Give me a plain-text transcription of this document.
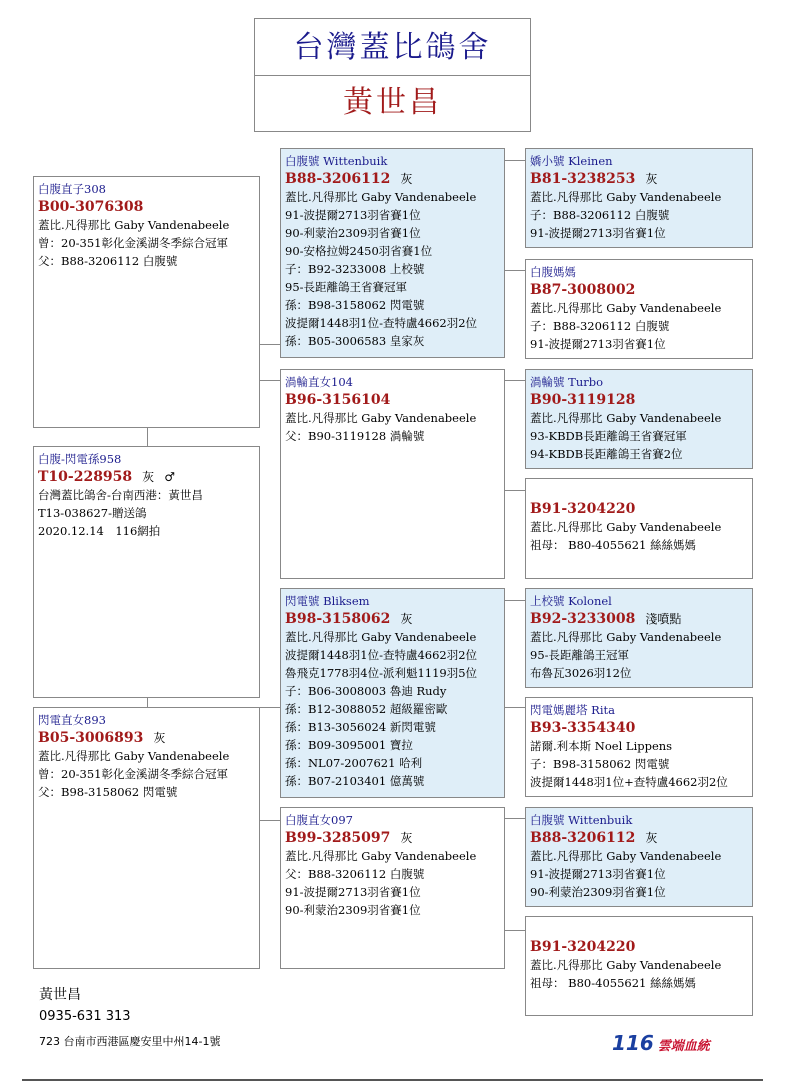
台灣蓋比鴿舍
黃世昌
白腹直子308
B00-3076308
蓋比.凡得那比 Gaby Vandenabeele
曾：20-351彰化金溪湖冬季綜合冠軍
父：B88-3206112 白腹號
白腹-閃電孫958
T10-228958 灰 ♂
台灣蓋比鴿舍-台南西港：黃世昌
T13-038627-贈送鴿
2020.12.14　116網拍
閃電直女893
B05-3006893 灰
蓋比.凡得那比 Gaby Vandenabeele
曾：20-351彰化金溪湖冬季綜合冠軍
父：B98-3158062 閃電號
白腹號 Wittenbuik
B88-3206112 灰
蓋比.凡得那比 Gaby Vandenabeele
91-波提爾2713羽省賽1位
90-利蒙治2309羽省賽1位
90-安格拉姆2450羽省賽1位
子：B92-3233008 上校號
95-長距離鴿王省賽冠軍
孫：B98-3158062 閃電號
波提爾1448羽1位-查特盧4662羽2位
孫：B05-3006583 皇家灰
渦輪直女104
B96-3156104
蓋比.凡得那比 Gaby Vandenabeele
父：B90-3119128 渦輪號
閃電號 Bliksem
B98-3158062 灰
蓋比.凡得那比 Gaby Vandenabeele
波提爾1448羽1位-查特盧4662羽2位
魯飛克1778羽4位-派利魁1119羽5位
子：B06-3008003 魯迪 Rudy
孫：B12-3088052 超級羅密歐
孫：B13-3056024 新閃電號
孫：B09-3095001 寶拉
孫：NL07-2007621 哈利
孫：B07-2103401 億萬號
白腹直女097
B99-3285097 灰
蓋比.凡得那比 Gaby Vandenabeele
父：B88-3206112 白腹號
91-波提爾2713羽省賽1位
90-利蒙治2309羽省賽1位
嬌小號 Kleinen
B81-3238253 灰
蓋比.凡得那比 Gaby Vandenabeele
子：B88-3206112 白腹號
91-波提爾2713羽省賽1位
白腹媽媽
B87-3008002
蓋比.凡得那比 Gaby Vandenabeele
子：B88-3206112 白腹號
91-波提爾2713羽省賽1位
渦輪號 Turbo
B90-3119128
蓋比.凡得那比 Gaby Vandenabeele
93-KBDB長距離鴿王省賽冠軍
94-KBDB長距離鴿王省賽2位
B91-3204220
蓋比.凡得那比 Gaby Vandenabeele
祖母： B80-4055621 絲絲媽媽
上校號 Kolonel
B92-3233008 淺噴點
蓋比.凡得那比 Gaby Vandenabeele
95-長距離鴿王冠軍
布魯瓦3026羽12位
閃電媽麗塔 Rita
B93-3354340
諾爾.利本斯 Noel Lippens
子：B98-3158062 閃電號
波提爾1448羽1位+查特盧4662羽2位
白腹號 Wittenbuik
B88-3206112 灰
蓋比.凡得那比 Gaby Vandenabeele
91-波提爾2713羽省賽1位
90-利蒙治2309羽省賽1位
B91-3204220
蓋比.凡得那比 Gaby Vandenabeele
祖母： B80-4055621 絲絲媽媽
黃世昌
0935-631 313
723 台南市西港區慶安里中州14-1號	116 雲端血統
